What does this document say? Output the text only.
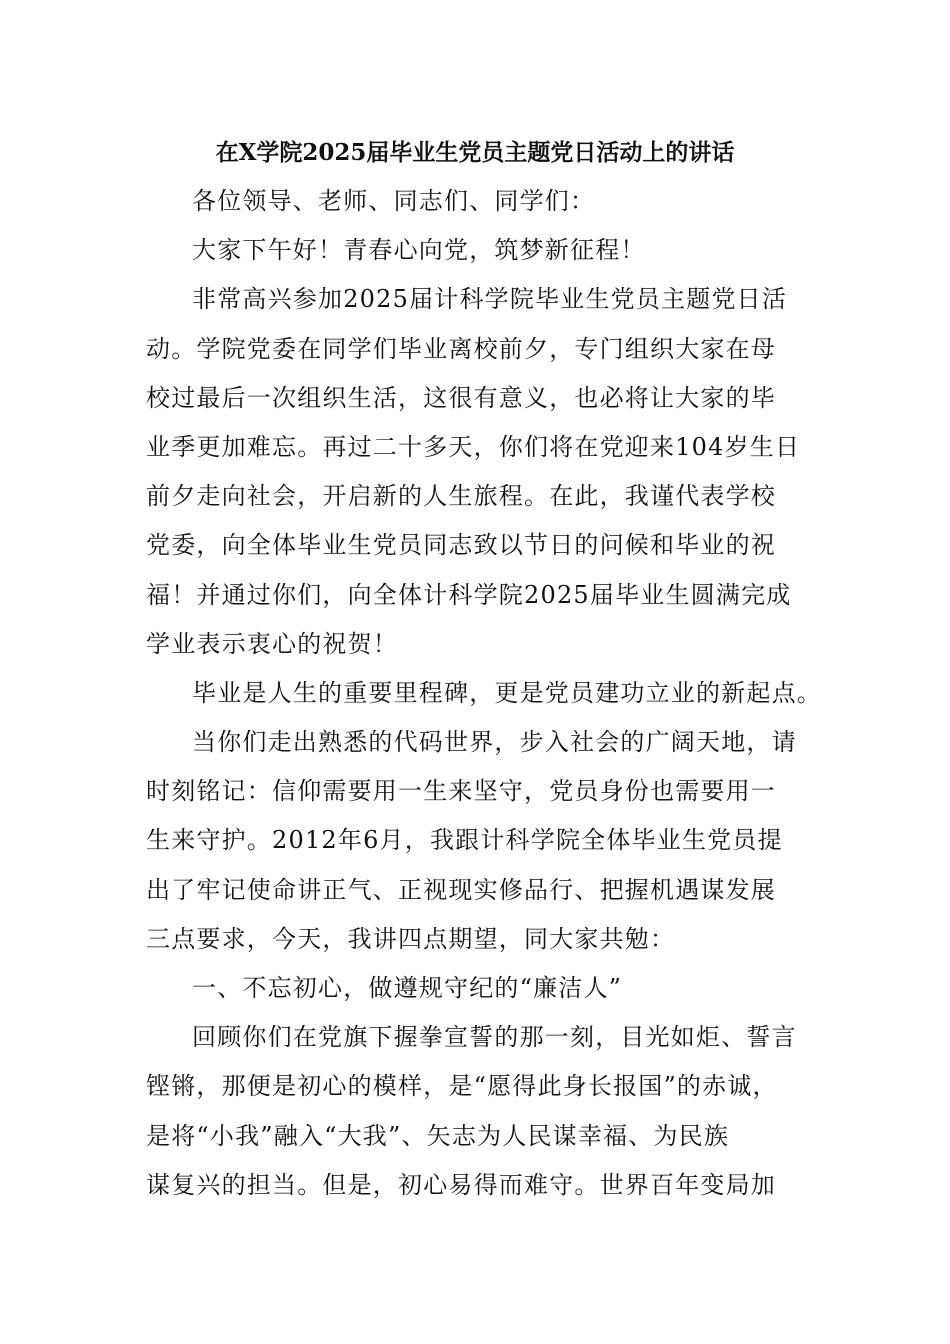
在X学院2025届毕业生党员主题党日活动上的讲话
各位领导、老师、同志们、同学们：
大家下午好！青春心向党，筑梦新征程！
非常高兴参加2025届计科学院毕业生党员主题党日活
动。学院党委在同学们毕业离校前夕，专门组织大家在母
校过最后一次组织生活，这很有意义，也必将让大家的毕
业季更加难忘。再过二十多天，你们将在党迎来104岁生日
前夕走向社会，开启新的人生旅程。在此，我谨代表学校
党委，向全体毕业生党员同志致以节日的问候和毕业的祝
福！并通过你们，向全体计科学院2025届毕业生圆满完成
学业表示衷心的祝贺！
毕业是人生的重要里程碑，更是党员建功立业的新起点。
当你们走出熟悉的代码世界，步入社会的广阔天地，请
时刻铭记：信仰需要用一生来坚守，党员身份也需要用一
生来守护。2012年6月，我跟计科学院全体毕业生党员提
出了牢记使命讲正气、正视现实修品行、把握机遇谋发展
三点要求，今天，我讲四点期望，同大家共勉：
一、不忘初心，做遵规守纪的“廉洁人”
回顾你们在党旗下握拳宣誓的那一刻，目光如炬、誓言
铿锵，那便是初心的模样，是“愿得此身长报国”的赤诚，
是将“小我”融入“大我”、矢志为人民谋幸福、为民族
谋复兴的担当。但是，初心易得而难守。世界百年变局加
